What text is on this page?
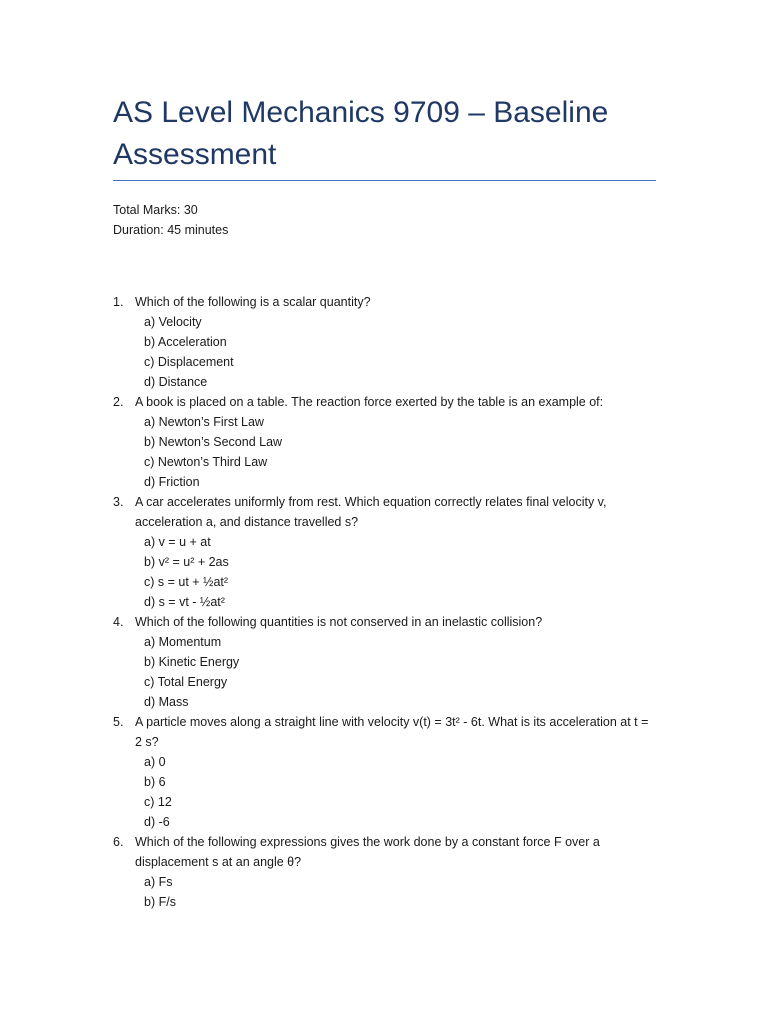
AS Level Mechanics 9709 – Baseline Assessment
Total Marks: 30
Duration: 45 minutes
1. Which of the following is a scalar quantity?
a) Velocity
b) Acceleration
c) Displacement
d) Distance
2. A book is placed on a table. The reaction force exerted by the table is an example of:
a) Newton’s First Law
b) Newton’s Second Law
c) Newton’s Third Law
d) Friction
3. A car accelerates uniformly from rest. Which equation correctly relates final velocity v, acceleration a, and distance travelled s?
a) v = u + at
b) v² = u² + 2as
c) s = ut + ½at²
d) s = vt - ½at²
4. Which of the following quantities is not conserved in an inelastic collision?
a) Momentum
b) Kinetic Energy
c) Total Energy
d) Mass
5. A particle moves along a straight line with velocity v(t) = 3t² - 6t. What is its acceleration at t = 2 s?
a) 0
b) 6
c) 12
d) -6
6. Which of the following expressions gives the work done by a constant force F over a displacement s at an angle θ?
a) Fs
b) F/s
